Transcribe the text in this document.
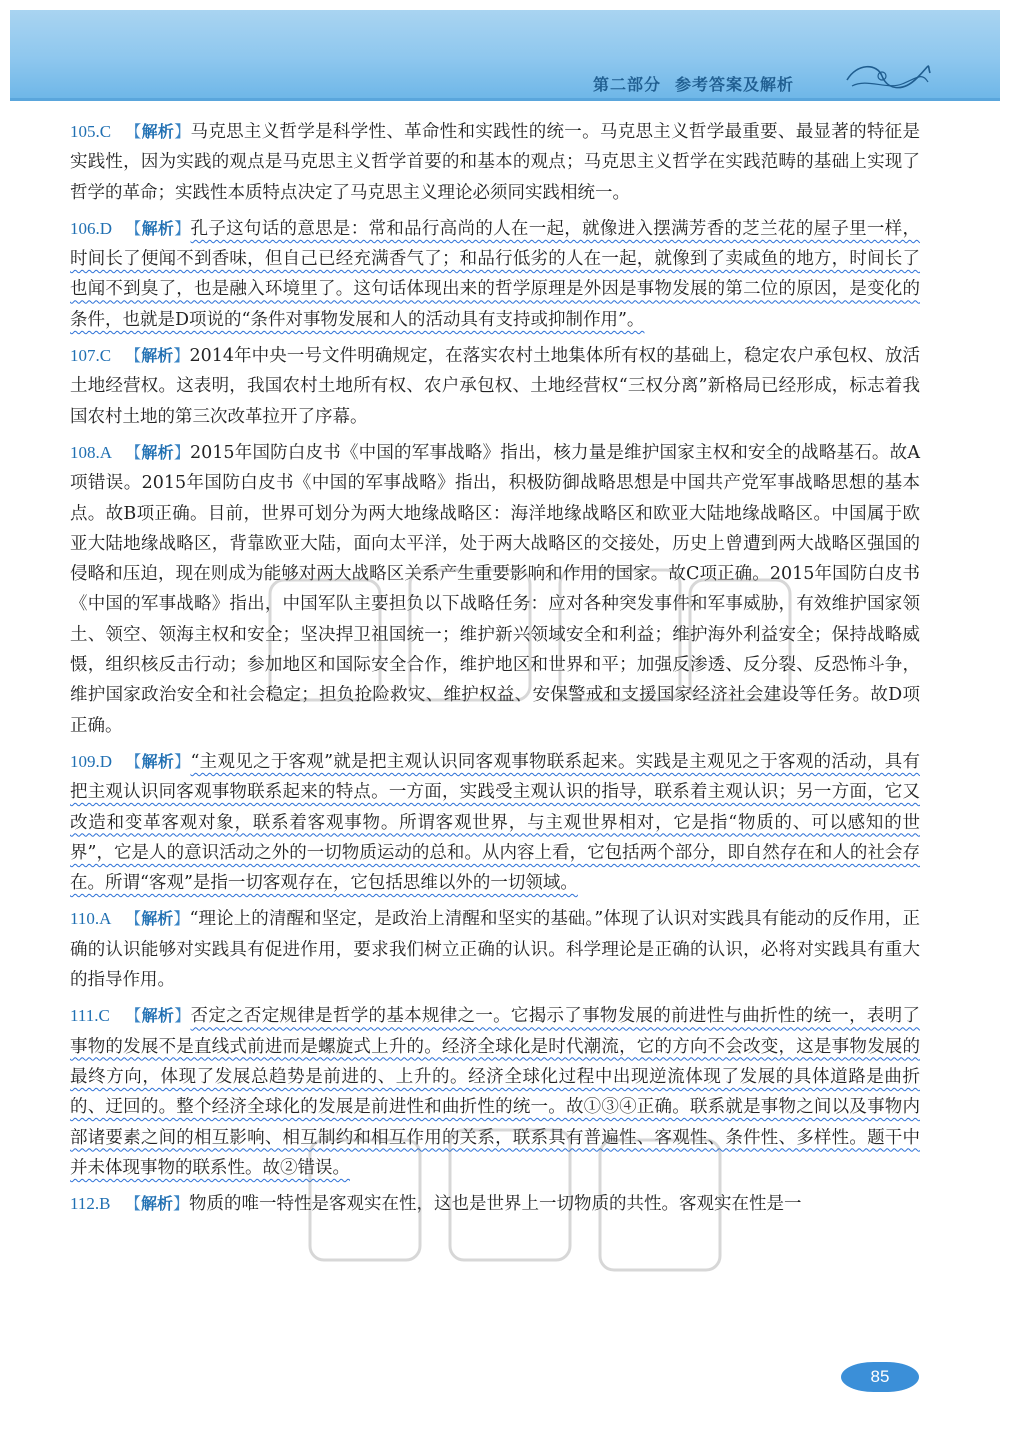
第二部分 参考答案及解析
105.C 【解析】马克思主义哲学是科学性、革命性和实践性的统一。马克思主义哲学最重要、最显著的特征是实践性，因为实践的观点是马克思主义哲学首要的和基本的观点；马克思主义哲学在实践范畴的基础上实现了哲学的革命；实践性本质特点决定了马克思主义理论必须同实践相统一。
106.D 【解析】孔子这句话的意思是：常和品行高尚的人在一起，就像进入摆满芳香的芝兰花的屋子里一样，时间长了便闻不到香味，但自己已经充满香气了；和品行低劣的人在一起，就像到了卖咸鱼的地方，时间长了也闻不到臭了，也是融入环境里了。这句话体现出来的哲学原理是外因是事物发展的第二位的原因，是变化的条件，也就是D项说的“条件对事物发展和人的活动具有支持或抑制作用”。
107.C 【解析】2014年中央一号文件明确规定，在落实农村土地集体所有权的基础上，稳定农户承包权、放活土地经营权。这表明，我国农村土地所有权、农户承包权、土地经营权“三权分离”新格局已经形成，标志着我国农村土地的第三次改革拉开了序幕。
108.A 【解析】2015年国防白皮书《中国的军事战略》指出，核力量是维护国家主权和安全的战略基石。故A项错误。2015年国防白皮书《中国的军事战略》指出，积极防御战略思想是中国共产党军事战略思想的基本点。故B项正确。目前，世界可划分为两大地缘战略区：海洋地缘战略区和欧亚大陆地缘战略区。中国属于欧亚大陆地缘战略区，背靠欧亚大陆，面向太平洋，处于两大战略区的交接处，历史上曾遭到两大战略区强国的侵略和压迫，现在则成为能够对两大战略区关系产生重要影响和作用的国家。故C项正确。2015年国防白皮书《中国的军事战略》指出，中国军队主要担负以下战略任务：应对各种突发事件和军事威胁，有效维护国家领土、领空、领海主权和安全；坚决捍卫祖国统一；维护新兴领域安全和利益；维护海外利益安全；保持战略威慑，组织核反击行动；参加地区和国际安全合作，维护地区和世界和平；加强反渗透、反分裂、反恐怖斗争，维护国家政治安全和社会稳定；担负抢险救灾、维护权益、安保警戒和支援国家经济社会建设等任务。故D项正确。
109.D 【解析】“主观见之于客观”就是把主观认识同客观事物联系起来。实践是主观见之于客观的活动，具有把主观认识同客观事物联系起来的特点。一方面，实践受主观认识的指导，联系着主观认识；另一方面，它又改造和变革客观对象，联系着客观事物。所谓客观世界，与主观世界相对，它是指“物质的、可以感知的世界”，它是人的意识活动之外的一切物质运动的总和。从内容上看，它包括两个部分，即自然存在和人的社会存在。所谓“客观”是指一切客观存在，它包括思维以外的一切领域。
110.A 【解析】“理论上的清醒和坚定，是政治上清醒和坚实的基础。”体现了认识对实践具有能动的反作用，正确的认识能够对实践具有促进作用，要求我们树立正确的认识。科学理论是正确的认识，必将对实践具有重大的指导作用。
111.C 【解析】否定之否定规律是哲学的基本规律之一。它揭示了事物发展的前进性与曲折性的统一，表明了事物的发展不是直线式前进而是螺旋式上升的。经济全球化是时代潮流，它的方向不会改变，这是事物发展的最终方向，体现了发展总趋势是前进的、上升的。经济全球化过程中出现逆流体现了发展的具体道路是曲折的、迂回的。整个经济全球化的发展是前进性和曲折性的统一。故①③④正确。联系就是事物之间以及事物内部诸要素之间的相互影响、相互制约和相互作用的关系，联系具有普遍性、客观性、条件性、多样性。题干中并未体现事物的联系性。故②错误。
112.B 【解析】物质的唯一特性是客观实在性，这也是世界上一切物质的共性。客观实在性是一
85
